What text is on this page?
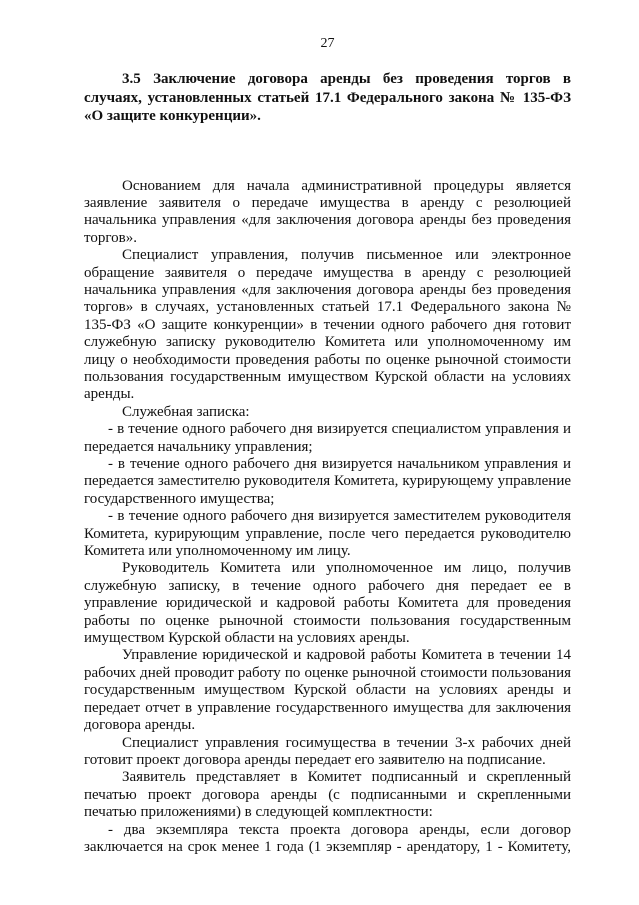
27

3.5 Заключение договора аренды без проведения торгов в случаях, установленных статьей 17.1 Федерального закона № 135-ФЗ «О защите конкуренции».

Основанием для начала административной процедуры является заявление заявителя о передаче имущества в аренду с резолюцией начальника управления «для заключения договора аренды без проведения торгов».

Специалист управления, получив письменное или электронное обращение заявителя о передаче имущества в аренду с резолюцией начальника управления «для заключения договора аренды без проведения торгов» в случаях, установленных статьей 17.1 Федерального закона № 135-ФЗ «О защите конкуренции» в течении одного рабочего дня готовит служебную записку руководителю Комитета или уполномоченному им лицу о необходимости проведения работы по оценке рыночной стоимости пользования государственным имуществом Курской области на условиях аренды.

Служебная записка:

- в течение одного рабочего дня визируется специалистом управления и передается начальнику управления;

- в течение одного рабочего дня визируется начальником управления и передается заместителю руководителя Комитета, курирующему управление государственного имущества;

- в течение одного рабочего дня визируется заместителем руководителя Комитета, курирующим управление, после чего передается руководителю Комитета или уполномоченному им лицу.

Руководитель Комитета или уполномоченное им лицо, получив служебную записку, в течение одного рабочего дня передает ее в управление юридической и кадровой работы Комитета для проведения работы по оценке рыночной стоимости пользования государственным имуществом Курской области на условиях аренды.

Управление юридической и кадровой работы Комитета в течении 14 рабочих дней проводит работу по оценке рыночной стоимости пользования государственным имуществом Курской области на условиях аренды и передает отчет в управление государственного имущества для заключения договора аренды.

Специалист управления госимущества в течении 3-х рабочих дней готовит проект договора аренды передает его заявителю на подписание.

Заявитель представляет в Комитет подписанный и скрепленный печатью проект договора аренды (с подписанными и скрепленными печатью приложениями) в следующей комплектности:

- два экземпляра текста проекта договора аренды, если договор заключается на срок менее 1 года (1 экземпляр - арендатору, 1 - Комитету,
